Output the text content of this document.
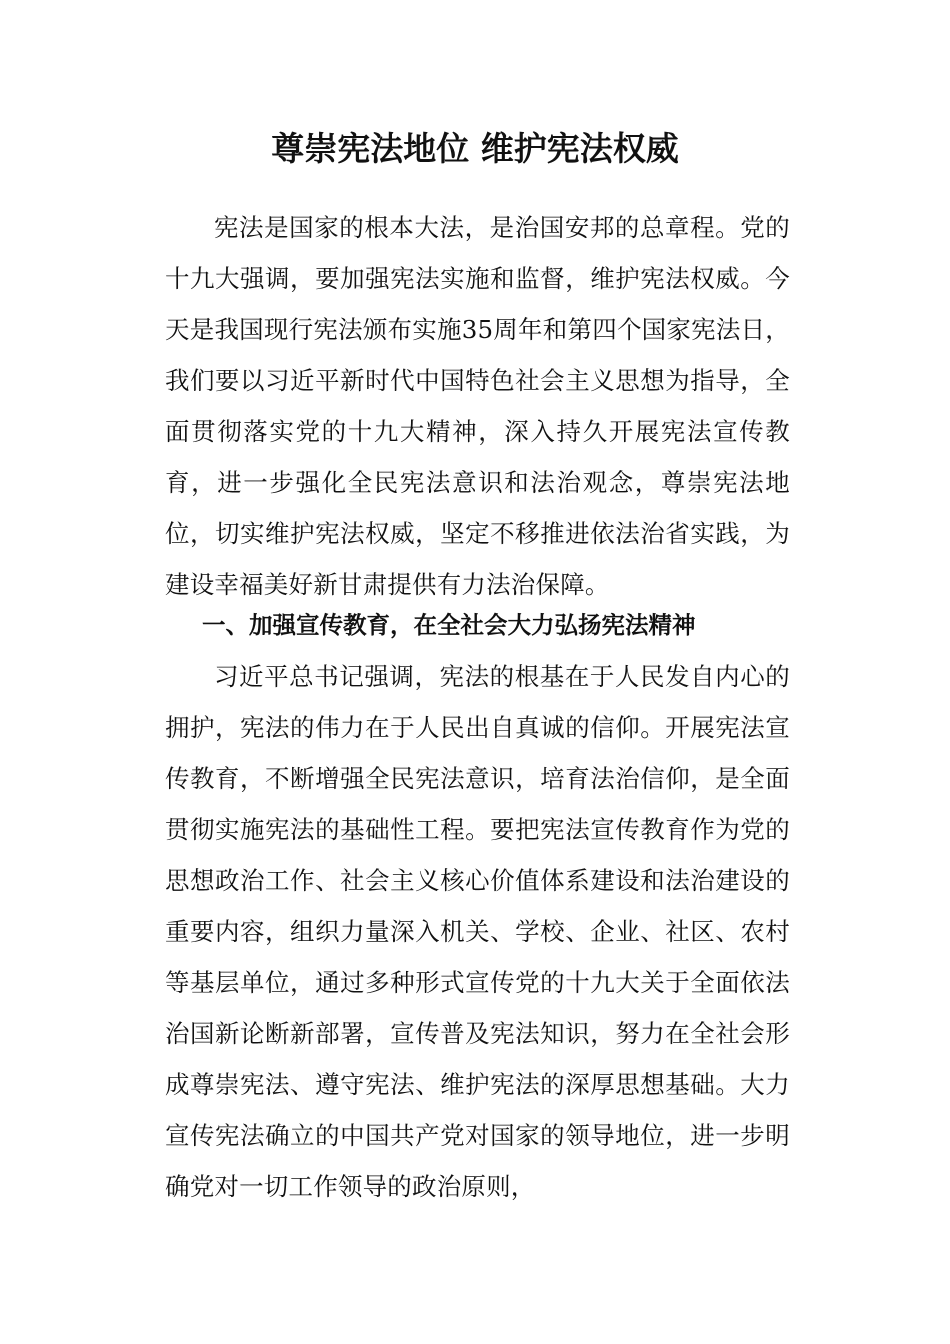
尊崇宪法地位 维护宪法权威

宪法是国家的根本大法，是治国安邦的总章程。党的十九大强调，要加强宪法实施和监督，维护宪法权威。今天是我国现行宪法颁布实施35周年和第四个国家宪法日，我们要以习近平新时代中国特色社会主义思想为指导，全面贯彻落实党的十九大精神，深入持久开展宪法宣传教育，进一步强化全民宪法意识和法治观念，尊崇宪法地位，切实维护宪法权威，坚定不移推进依法治省实践，为建设幸福美好新甘肃提供有力法治保障。

一、加强宣传教育，在全社会大力弘扬宪法精神

习近平总书记强调，宪法的根基在于人民发自内心的拥护，宪法的伟力在于人民出自真诚的信仰。开展宪法宣传教育，不断增强全民宪法意识，培育法治信仰，是全面贯彻实施宪法的基础性工程。要把宪法宣传教育作为党的思想政治工作、社会主义核心价值体系建设和法治建设的重要内容，组织力量深入机关、学校、企业、社区、农村等基层单位，通过多种形式宣传党的十九大关于全面依法治国新论断新部署，宣传普及宪法知识，努力在全社会形成尊崇宪法、遵守宪法、维护宪法的深厚思想基础。大力宣传宪法确立的中国共产党对国家的领导地位，进一步明确党对一切工作领导的政治原则，
